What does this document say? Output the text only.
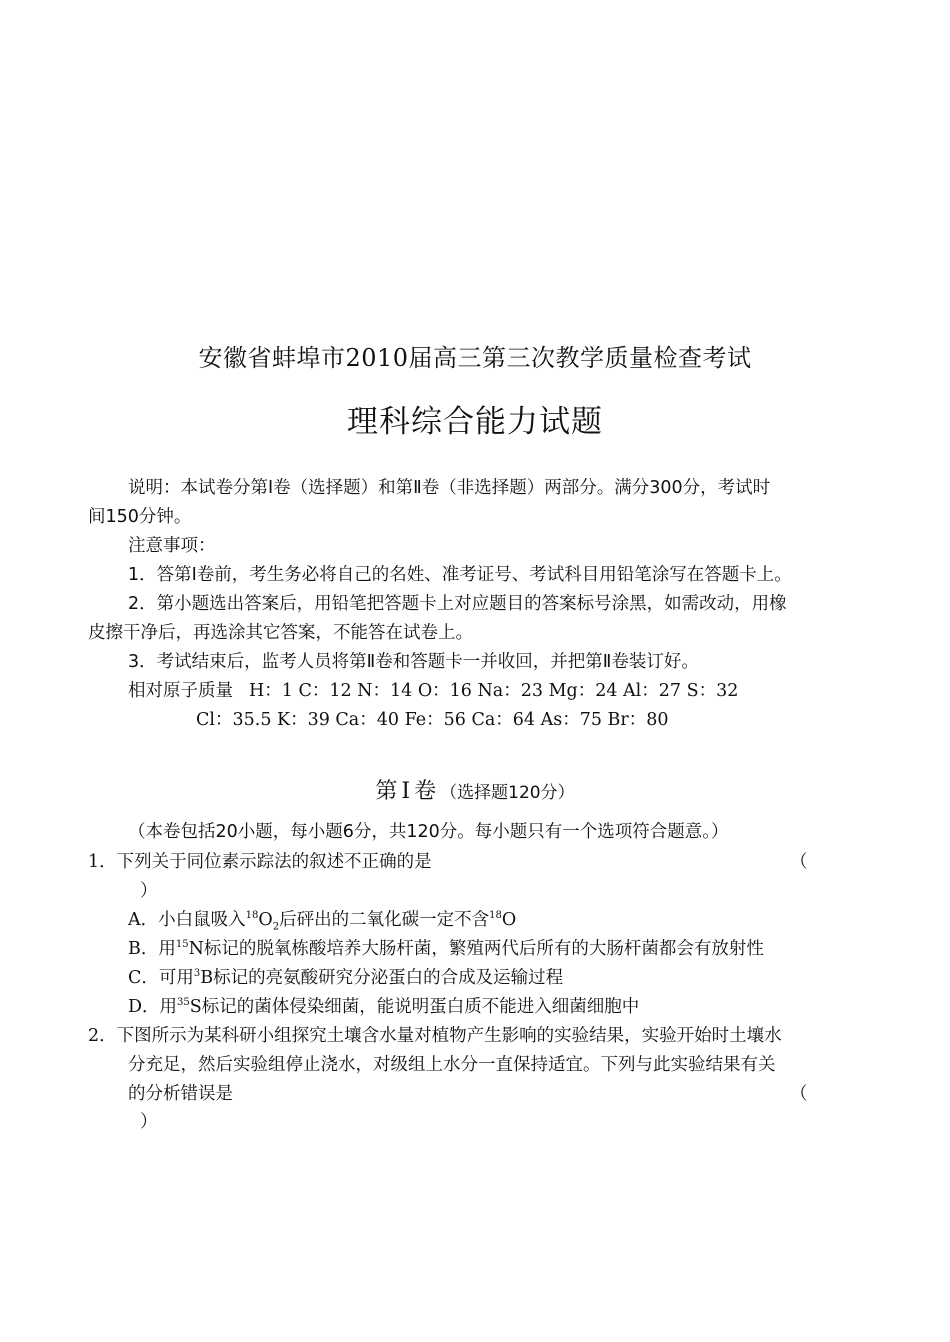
安徽省蚌埠市2010届高三第三次教学质量检查考试
理科综合能力试题
说明：本试卷分第Ⅰ卷（选择题）和第Ⅱ卷（非选择题）两部分。满分300分，考试时
间150分钟。
注意事项：
1．答第Ⅰ卷前，考生务必将自己的名姓、准考证号、考试科目用铅笔涂写在答题卡上。
2．第小题选出答案后，用铅笔把答题卡上对应题目的答案标号涂黑，如需改动，用橡
皮擦干净后，再选涂其它答案，不能答在试卷上。
3．考试结束后，监考人员将第Ⅱ卷和答题卡一并收回，并把第Ⅱ卷装订好。
相对原子质量 H：1 C：12 N：14 O：16 Na：23 Mg：24 Al：27 S：32
Cl：35.5 K：39 Ca：40 Fe：56 Ca：64 As：75 Br：80
第Ⅰ卷（选择题120分）
（本卷包括20小题，每小题6分，共120分。每小题只有一个选项符合题意。）
1．下列关于同位素示踪法的叙述不正确的是	（
）
A．小白鼠吸入$^{18}O_2$后砰出的二氧化碳一定不含$^{18}$O
B．用$^{15}$N标记的脱氧栋酸培养大肠杆菌，繁殖两代后所有的大肠杆菌都会有放射性
C．可用$^3$B标记的亮氨酸研究分泌蛋白的合成及运输过程
D．用$^{35}$S标记的菌体侵染细菌，能说明蛋白质不能进入细菌细胞中
2．下图所示为某科研小组探究土壤含水量对植物产生影响的实验结果，实验开始时土壤水
分充足，然后实验组停止浇水，对级组上水分一直保持适宜。下列与此实验结果有关
的分析错误是	（
）
